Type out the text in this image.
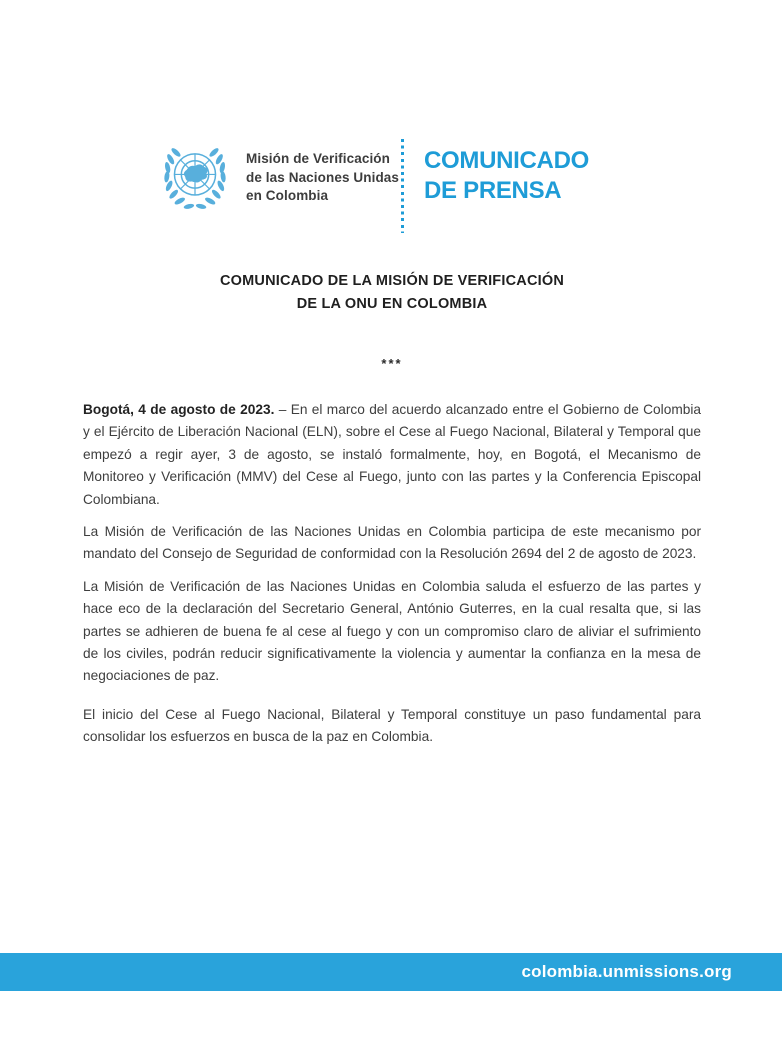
Misión de Verificación
de las Naciones Unidas
en Colombia
COMUNICADO
DE PRENSA
COMUNICADO DE LA MISIÓN DE VERIFICACIÓN
DE LA ONU EN COLOMBIA
***

Bogotá, 4 de agosto de 2023. – En el marco del acuerdo alcanzado entre el Gobierno de Colombia y el Ejército de Liberación Nacional (ELN), sobre el Cese al Fuego Nacional, Bilateral y Temporal que empezó a regir ayer, 3 de agosto, se instaló formalmente, hoy, en Bogotá, el Mecanismo de Monitoreo y Verificación (MMV) del Cese al Fuego, junto con las partes y la Conferencia Episcopal Colombiana.

La Misión de Verificación de las Naciones Unidas en Colombia participa de este mecanismo por mandato del Consejo de Seguridad de conformidad con la Resolución 2694 del 2 de agosto de 2023.

La Misión de Verificación de las Naciones Unidas en Colombia saluda el esfuerzo de las partes y hace eco de la declaración del Secretario General, António Guterres, en la cual resalta que, si las partes se adhieren de buena fe al cese al fuego y con un compromiso claro de aliviar el sufrimiento de los civiles, podrán reducir significativamente la violencia y aumentar la confianza en la mesa de negociaciones de paz.

El inicio del Cese al Fuego Nacional, Bilateral y Temporal constituye un paso fundamental para consolidar los esfuerzos en busca de la paz en Colombia.

colombia.unmissions.org
